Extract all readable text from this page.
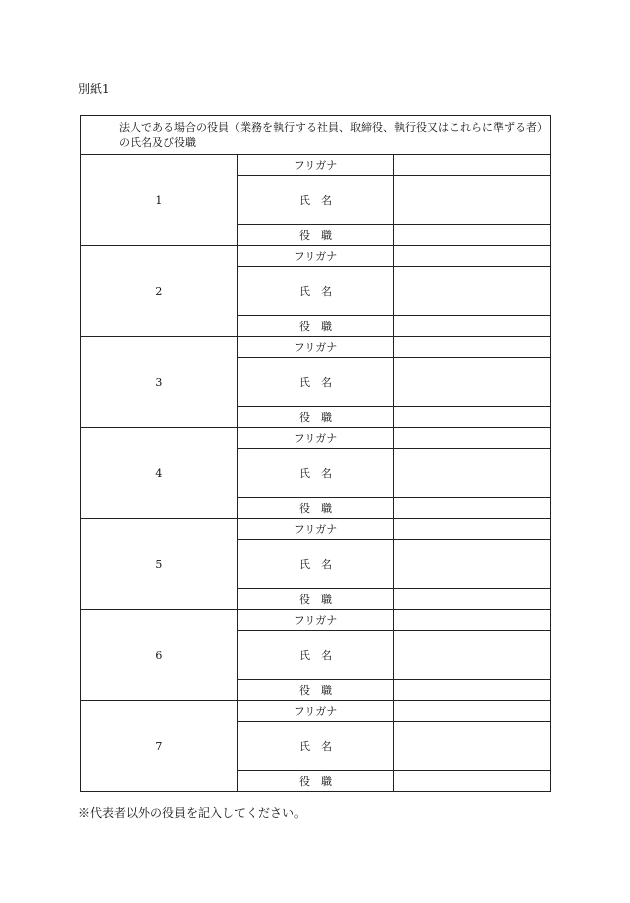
別紙1
法人である場合の役員（業務を執行する社員、取締役、執行役又はこれらに準ずる者）の氏名及び役職		
1	フリガナ	
	氏　名	
	役　職	
2	フリガナ	
	氏　名	
	役　職	
3	フリガナ	
	氏　名	
	役　職	
4	フリガナ	
	氏　名	
	役　職	
5	フリガナ	
	氏　名	
	役　職	
6	フリガナ	
	氏　名	
	役　職	
7	フリガナ	
	氏　名	
	役　職	
※代表者以外の役員を記入してください。
